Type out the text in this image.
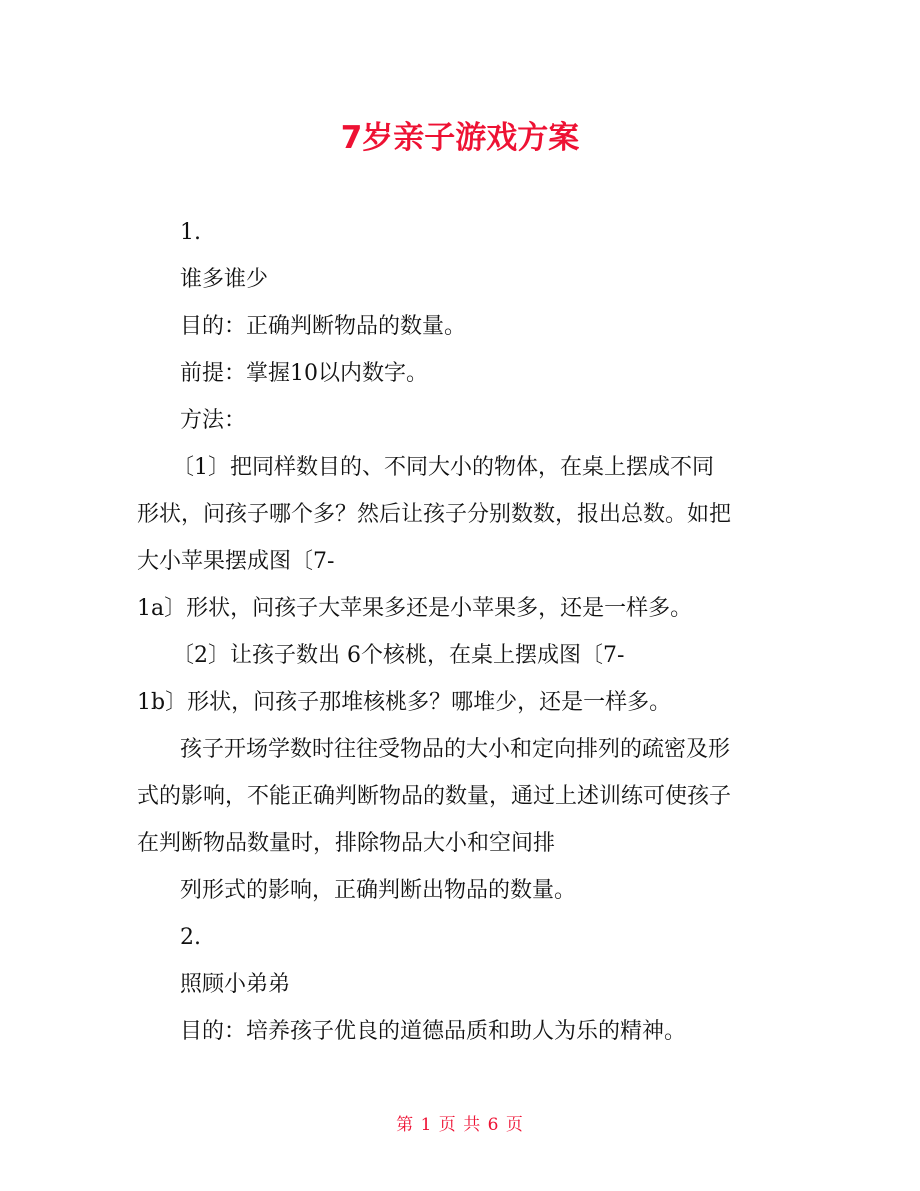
7岁亲子游戏方案

1.

谁多谁少

目的：正确判断物品的数量。

前提：掌握10以内数字。

方法：

〔1〕把同样数目的、不同大小的物体，在桌上摆成不同

形状，问孩子哪个多？然后让孩子分别数数，报出总数。如把

大小苹果摆成图〔7-

1a〕形状，问孩子大苹果多还是小苹果多，还是一样多。

〔2〕让孩子数出 6个核桃，在桌上摆成图〔7-

1b〕形状，问孩子那堆核桃多？哪堆少，还是一样多。

孩子开场学数时往往受物品的大小和定向排列的疏密及形

式的影响，不能正确判断物品的数量，通过上述训练可使孩子

在判断物品数量时，排除物品大小和空间排

列形式的影响，正确判断出物品的数量。

2.

照顾小弟弟

目的：培养孩子优良的道德品质和助人为乐的精神。

第 1 页 共 6 页
